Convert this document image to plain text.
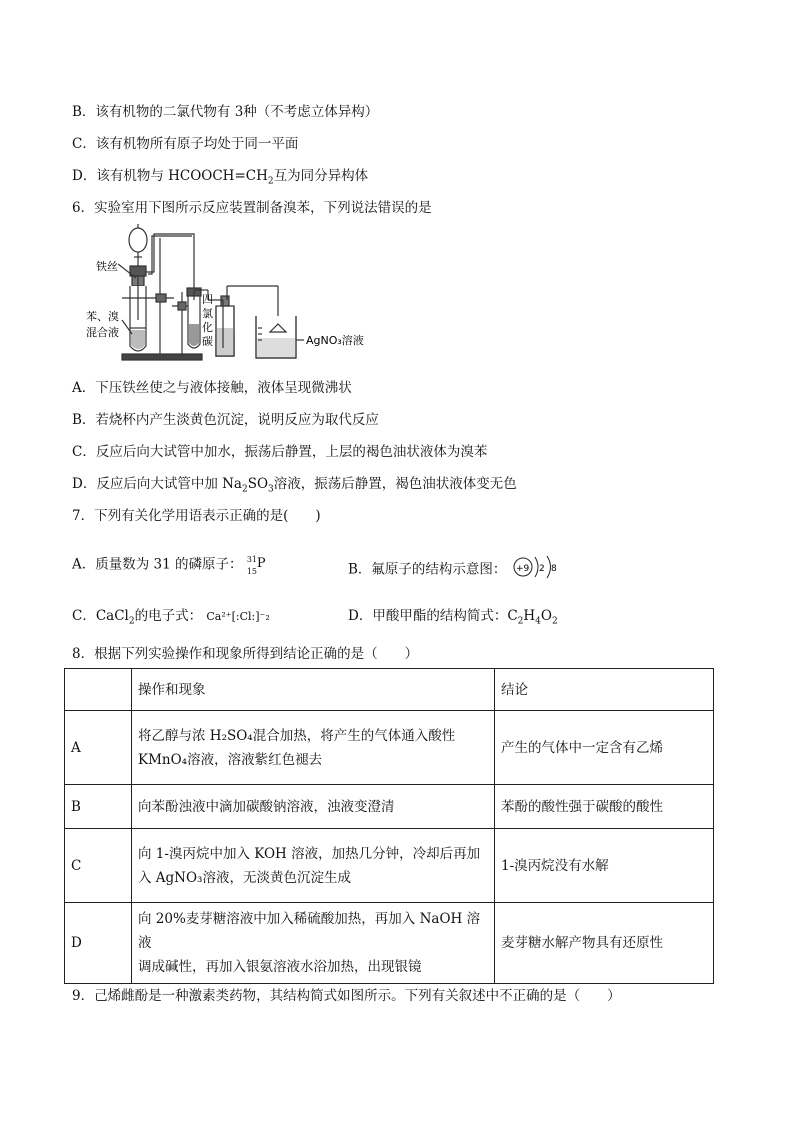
B．该有机物的二氯代物有 3种（不考虑立体异构）
C．该有机物所有原子均处于同一平面
D．该有机物与 $HCOOCH=CH_2$互为同分异构体
6．实验室用下图所示反应装置制备溴苯，下列说法错误的是
铁丝
苯、溴
混合液
四
氯
化
碳	AgNO₃溶液
A．下压铁丝使之与液体接触，液体呈现微沸状
B．若烧杯内产生淡黄色沉淀，说明反应为取代反应
C．反应后向大试管中加水，振荡后静置，上层的褐色油状液体为溴苯
D．反应后向大试管中加 $Na_2SO_3$溶液，振荡后静置，褐色油状液体变无色
7．下列有关化学用语表示正确的是(　　)
A．质量数为 31 的磷原子： 31
15
P	B．氟原子的结构示意图： +9 2 8
C．CaCl$_2$的电子式： Ca²⁺[:Cl:]⁻₂	D．甲酸甲酯的结构简式：$C_2H_4O_2$
8．根据下列实验操作和现象所得到结论正确的是（　　）
	操作和现象	结论
A	将乙醇与浓 H₂SO₄混合加热，将产生的气体通入酸性
KMnO₄溶液，溶液紫红色褪去	产生的气体中一定含有乙烯
B	向苯酚浊液中滴加碳酸钠溶液，浊液变澄清	苯酚的酸性强于碳酸的酸性
C	向 1-溴丙烷中加入 KOH 溶液，加热几分钟，冷却后再加
入 AgNO₃溶液，无淡黄色沉淀生成	1-溴丙烷没有水解
D	向 20%麦芽糖溶液中加入稀硫酸加热，再加入 NaOH 溶液
调成碱性，再加入银氨溶液水浴加热，出现银镜	麦芽糖水解产物具有还原性
9．己烯雌酚是一种激素类药物，其结构简式如图所示。下列有关叙述中不正确的是（　　）
